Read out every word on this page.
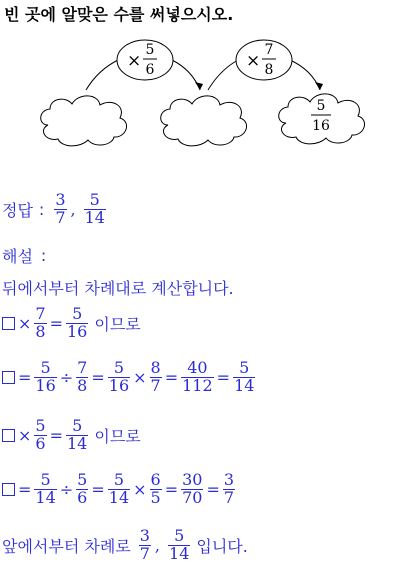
빈 곳에 알맞은 수를 써넣으시오.
×
5
6	×
7
8
5
16
정답 : $\frac{3}{7}$ , $\frac{5}{14}$
해설 :
뒤에서부터 차례대로 계산합니다.
× $\frac{7}{8} = \frac{5}{16}$ 이므로
= $\frac{5}{16} \div \frac{7}{8} = \frac{5}{16} \times \frac{8}{7} = \frac{40}{112} = \frac{5}{14}$
× $\frac{5}{6} = \frac{5}{14}$ 이므로
= $\frac{5}{14} \div \frac{5}{6} = \frac{5}{14} \times \frac{6}{5} = \frac{30}{70} = \frac{3}{7}$
앞에서부터 차례로 $\frac{3}{7}$ , $\frac{5}{14}$ 입니다.
